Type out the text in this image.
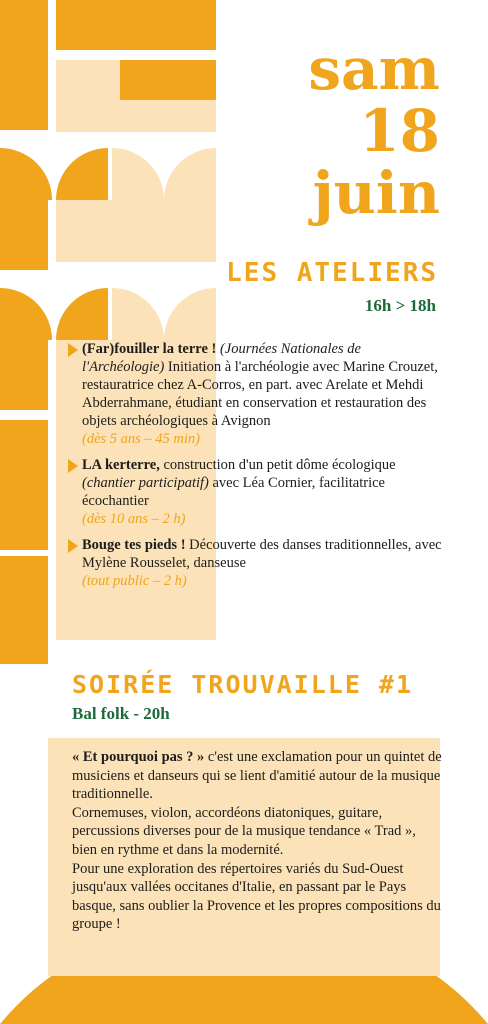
sam
18
juin
LES ATELIERS
16h > 18h
(Far)fouiller la terre ! (Journées Nationales de l'Archéologie) Initiation à l'archéologie avec Marine Crouzet, restauratrice chez A-Corros, en part. avec Arelate et Mehdi Abderrahmane, étudiant en conservation et restauration des objets archéologiques à Avignon
(dès 5 ans – 45 min)
LA kerterre, construction d'un petit dôme écologique (chantier participatif) avec Léa Cornier, facilitatrice écochantier
(dès 10 ans – 2 h)
Bouge tes pieds ! Découverte des danses traditionnelles, avec Mylène Rousselet, danseuse
(tout public – 2 h)
SOIRÉE TROUVAILLE #1
Bal folk - 20h
« Et pourquoi pas ? » c'est une exclamation pour un quintet de musiciens et danseurs qui se lient d'amitié autour de la musique traditionnelle.
Cornemuses, violon, accordéons diatoniques, guitare, percussions diverses pour de la musique tendance « Trad », bien en rythme et dans la modernité.
Pour une exploration des répertoires variés du Sud-Ouest jusqu'aux vallées occitanes d'Italie, en passant par le Pays basque, sans oublier la Provence et les propres compositions du groupe !
